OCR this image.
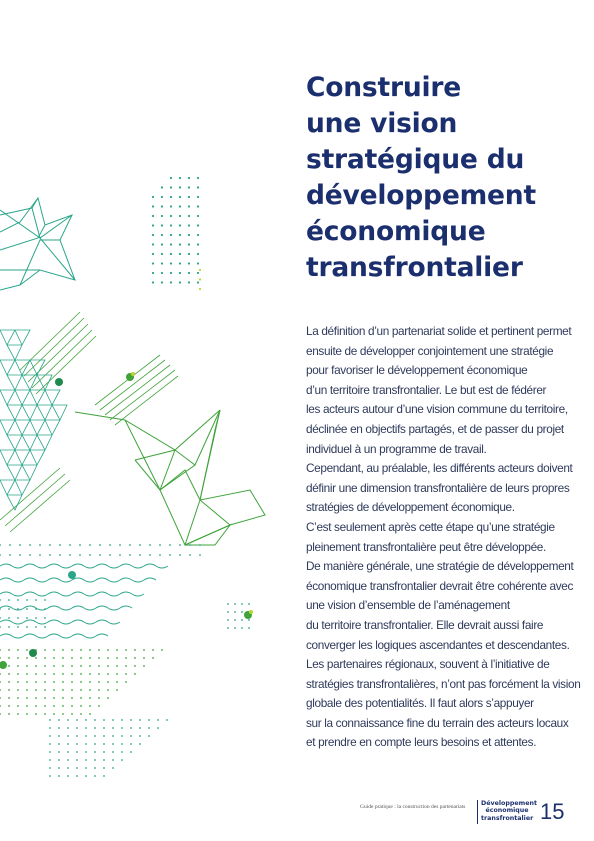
Construire
une vision
stratégique du
développement
économique
transfrontalier
La définition d’un partenariat solide et pertinent permet
ensuite de développer conjointement une stratégie
pour favoriser le développement économique
d’un territoire transfrontalier. Le but est de fédérer
les acteurs autour d’une vision commune du territoire,
déclinée en objectifs partagés, et de passer du projet
individuel à un programme de travail.
Cependant, au préalable, les différents acteurs doivent
définir une dimension transfrontalière de leurs propres
stratégies de développement économique.
C’est seulement après cette étape qu’une stratégie
pleinement transfrontalière peut être développée.
De manière générale, une stratégie de développement
économique transfrontalier devrait être cohérente avec
une vision d’ensemble de l’aménagement
du territoire transfrontalier. Elle devrait aussi faire
converger les logiques ascendantes et descendantes.
Les partenaires régionaux, souvent à l’initiative de
stratégies transfrontalières, n’ont pas forcément la vision
globale des potentialités. Il faut alors s’appuyer
sur la connaissance fine du terrain des acteurs locaux
et prendre en compte leurs besoins et attentes.
Guide pratique : la construction des partenariats Développement
économique
transfrontalier 15
